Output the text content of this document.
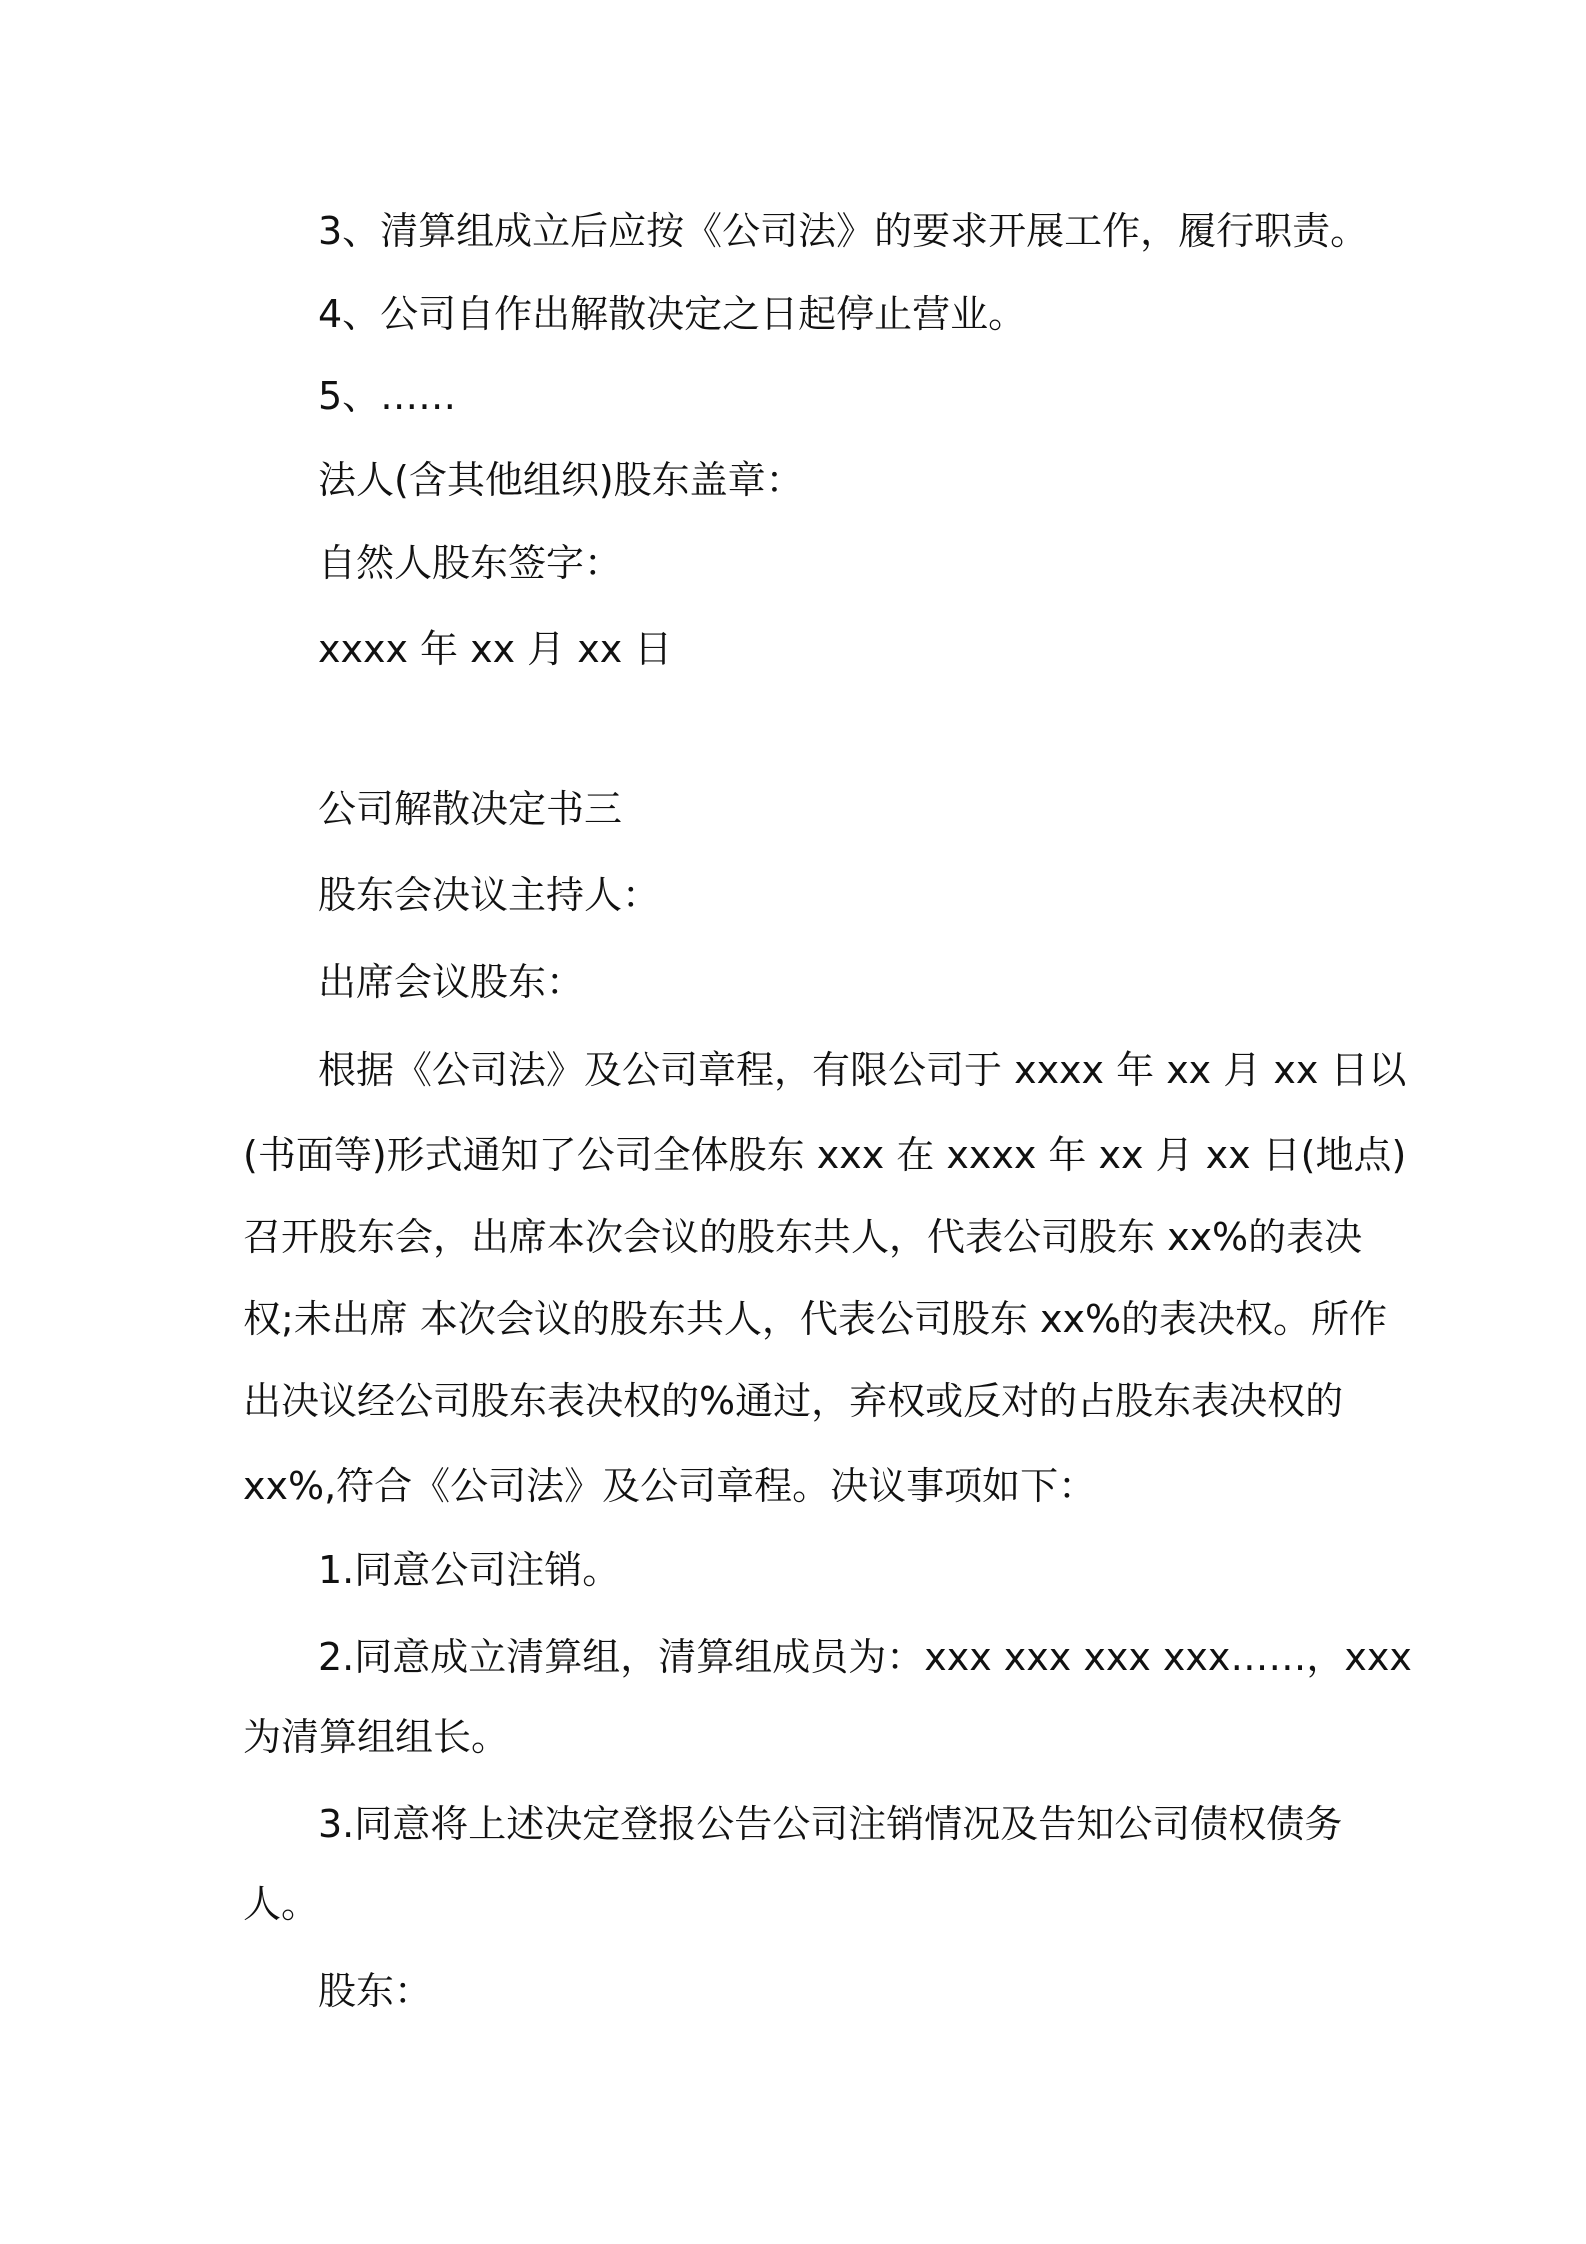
3、清算组成立后应按《公司法》的要求开展工作，履行职责。
4、公司自作出解散决定之日起停止营业。
5、……
法人(含其他组织)股东盖章：
自然人股东签字：
xxxx 年 xx 月 xx 日
公司解散决定书三
股东会决议主持人：
出席会议股东：
根据《公司法》及公司章程，有限公司于 xxxx 年 xx 月 xx 日以
(书面等)形式通知了公司全体股东 xxx 在 xxxx 年 xx 月 xx 日(地点)
召开股东会，出席本次会议的股东共人，代表公司股东 xx%的表决
权;未出席 本次会议的股东共人，代表公司股东 xx%的表决权。所作
出决议经公司股东表决权的%通过，弃权或反对的占股东表决权的
xx%,符合《公司法》及公司章程。决议事项如下：
1.同意公司注销。
2.同意成立清算组，清算组成员为：xxx xxx xxx xxx……，xxx
为清算组组长。
3.同意将上述决定登报公告公司注销情况及告知公司债权债务
人。
股东：
